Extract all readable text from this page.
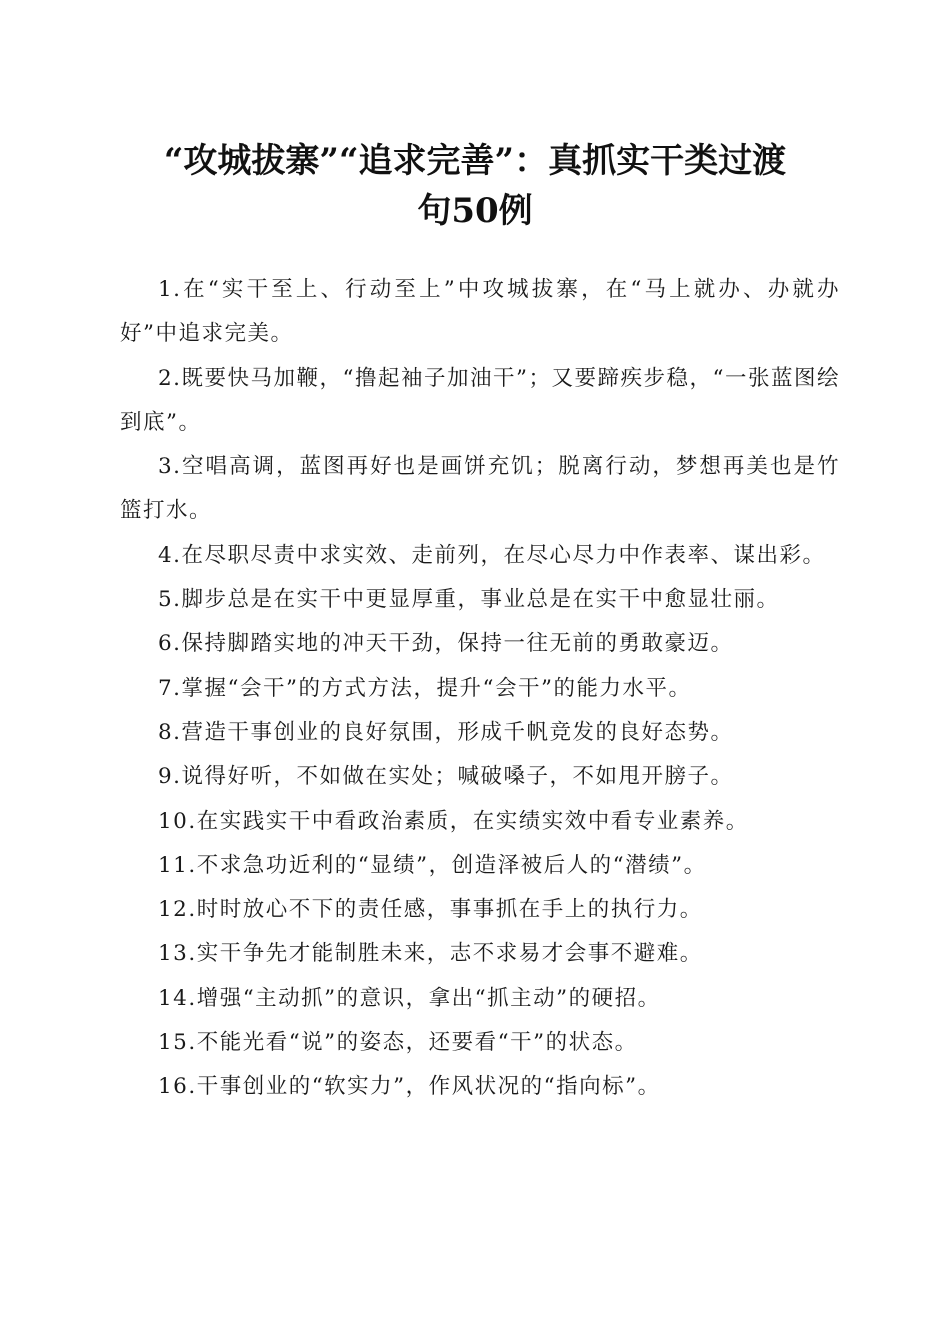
“攻城拔寨”“追求完善”：真抓实干类过渡
句50例

1.在“实干至上、行动至上”中攻城拔寨，在“马上就办、办就办好”中追求完美。

2.既要快马加鞭，“撸起袖子加油干”；又要蹄疾步稳，“一张蓝图绘到底”。

3.空唱高调，蓝图再好也是画饼充饥；脱离行动，梦想再美也是竹篮打水。

4.在尽职尽责中求实效、走前列，在尽心尽力中作表率、谋出彩。

5.脚步总是在实干中更显厚重，事业总是在实干中愈显壮丽。

6.保持脚踏实地的冲天干劲，保持一往无前的勇敢豪迈。

7.掌握“会干”的方式方法，提升“会干”的能力水平。

8.营造干事创业的良好氛围，形成千帆竞发的良好态势。

9.说得好听，不如做在实处；喊破嗓子，不如甩开膀子。

10.在实践实干中看政治素质，在实绩实效中看专业素养。

11.不求急功近利的“显绩”，创造泽被后人的“潜绩”。

12.时时放心不下的责任感，事事抓在手上的执行力。

13.实干争先才能制胜未来，志不求易才会事不避难。

14.增强“主动抓”的意识，拿出“抓主动”的硬招。

15.不能光看“说”的姿态，还要看“干”的状态。

16.干事创业的“软实力”，作风状况的“指向标”。
